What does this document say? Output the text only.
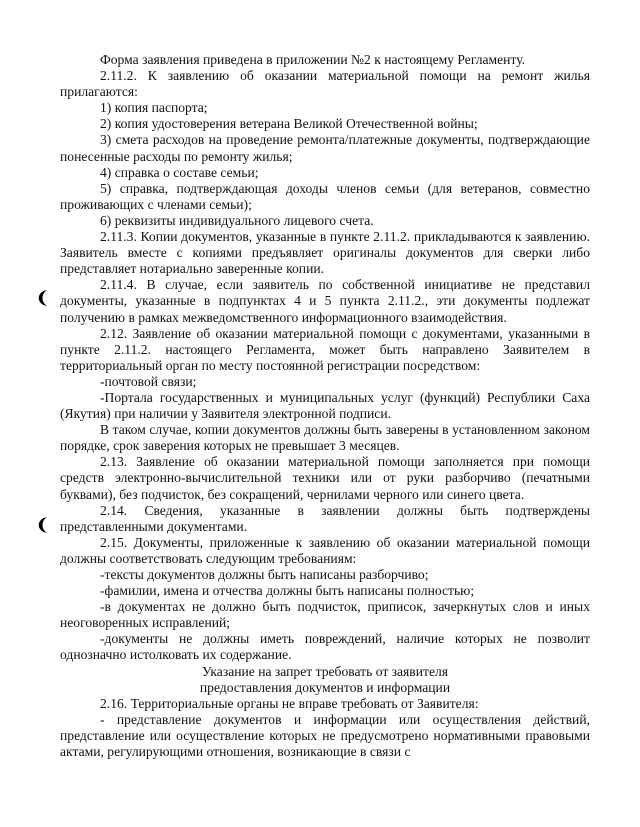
Форма заявления приведена в приложении №2 к настоящему Регламенту.

2.11.2. К заявлению об оказании материальной помощи на ремонт жилья прилагаются:

1) копия паспорта;

2) копия удостоверения ветерана Великой Отечественной войны;

3) смета расходов на проведение ремонта/платежные документы, подтверждающие понесенные расходы по ремонту жилья;

4) справка о составе семьи;

5) справка, подтверждающая доходы членов семьи (для ветеранов, совместно проживающих с членами семьи);

6) реквизиты индивидуального лицевого счета.

2.11.3. Копии документов, указанные в пункте 2.11.2. прикладываются к заявлению. Заявитель вместе с копиями предъявляет оригиналы документов для сверки либо представляет нотариально заверенные копии.

2.11.4. В случае, если заявитель по собственной инициативе не представил документы, указанные в подпунктах 4 и 5 пункта 2.11.2., эти документы подлежат получению в рамках межведомственного информационного взаимодействия.

2.12. Заявление об оказании материальной помощи с документами, указанными в пункте 2.11.2. настоящего Регламента, может быть направлено Заявителем в территориальный орган по месту постоянной регистрации посредством:

-почтовой связи;

-Портала государственных и муниципальных услуг (функций) Республики Саха (Якутия) при наличии у Заявителя электронной подписи.

В таком случае, копии документов должны быть заверены в установленном законом порядке, срок заверения которых не превышает 3 месяцев.

2.13. Заявление об оказании материальной помощи заполняется при помощи средств электронно-вычислительной техники или от руки разборчиво (печатными буквами), без подчисток, без сокращений, чернилами черного или синего цвета.

2.14. Сведения, указанные в заявлении должны быть подтверждены представленными документами.

2.15. Документы, приложенные к заявлению об оказании материальной помощи должны соответствовать следующим требованиям:

-тексты документов должны быть написаны разборчиво;

-фамилии, имена и отчества должны быть написаны полностью;

-в документах не должно быть подчисток, приписок, зачеркнутых слов и иных неоговоренных исправлений;

-документы не должны иметь повреждений, наличие которых не позволит однозначно истолковать их содержание.

Указание на запрет требовать от заявителя
предоставления документов и информации

2.16. Территориальные органы не вправе требовать от Заявителя:

- представление документов и информации или осуществления действий, представление или осуществление которых не предусмотрено нормативными правовыми актами, регулирующими отношения, возникающие в связи с
